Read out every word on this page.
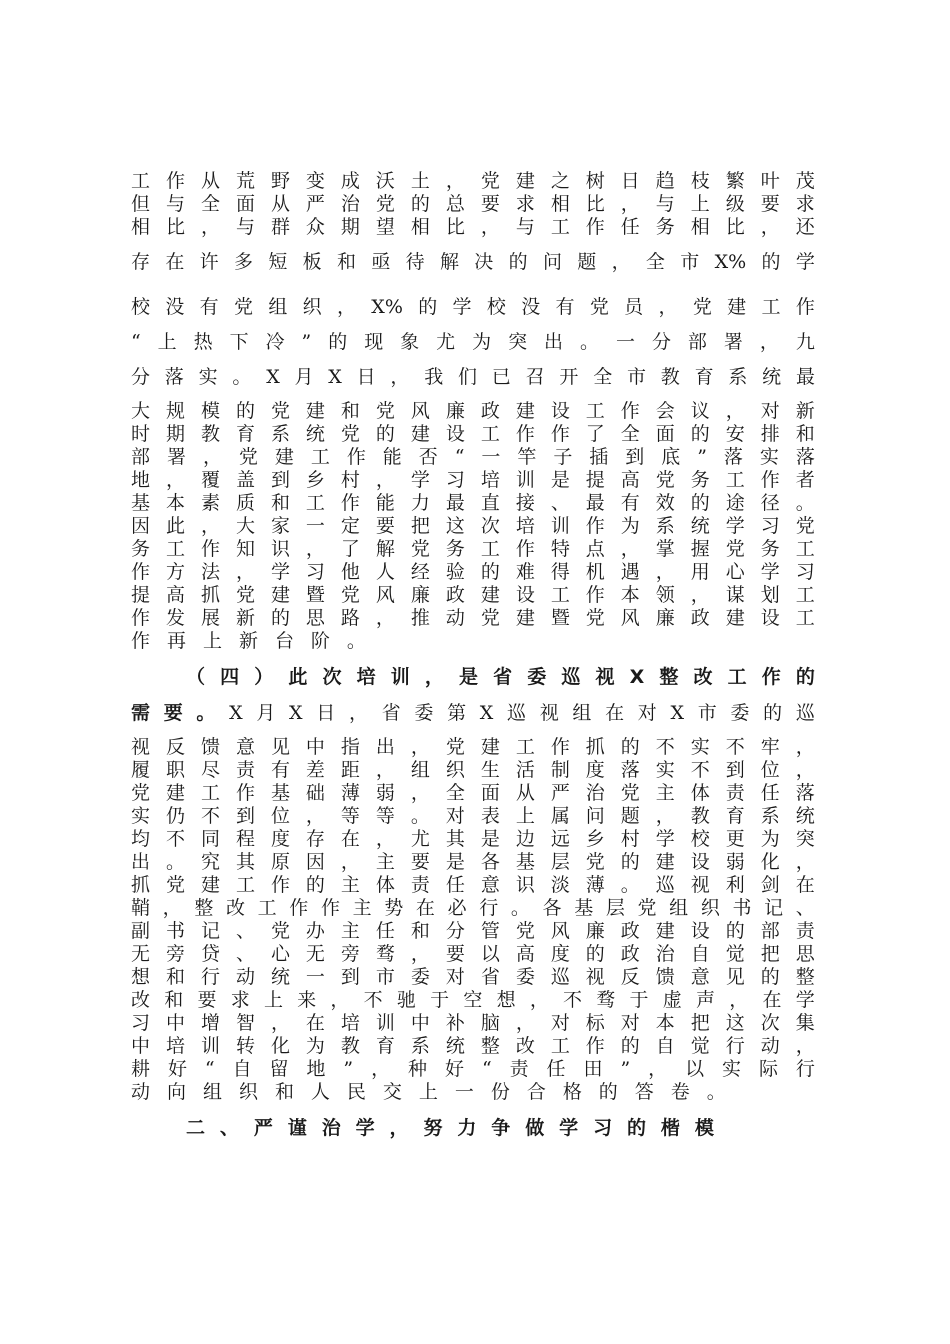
工 作 从 荒 野 变 成 沃 土 ， 党 建 之 树 日 趋 枝 繁 叶 茂
但 与 全 面 从 严 治 党 的 总 要 求 相 比 ， 与 上 级 要 求
相 比 ， 与 群 众 期 望 相 比 ， 与 工 作 任 务 相 比 ， 还
存 在 许 多 短 板 和 亟 待 解 决 的 问 题 ， 全 市 X% 的 学
校 没 有 党 组 织 ， X% 的 学 校 没 有 党 员 ， 党 建 工 作
“ 上 热 下 冷 ” 的 现 象 尤 为 突 出 。 一 分 部 署 ， 九
分 落 实 。 X 月 X 日 ， 我 们 已 召 开 全 市 教 育 系 统 最
大 规 模 的 党 建 和 党 风 廉 政 建 设 工 作 会 议 ， 对 新
时 期 教 育 系 统 党 的 建 设 工 作 作 了 全 面 的 安 排 和
部 署 ， 党 建 工 作 能 否 “ 一 竿 子 插 到 底 ” 落 实 落
地 ， 覆 盖 到 乡 村 ， 学 习 培 训 是 提 高 党 务 工 作 者
基 本 素 质 和 工 作 能 力 最 直 接 、 最 有 效 的 途 径 。
因 此 ， 大 家 一 定 要 把 这 次 培 训 作 为 系 统 学 习 党
务 工 作 知 识 ， 了 解 党 务 工 作 特 点 ， 掌 握 党 务 工
作 方 法 ， 学 习 他 人 经 验 的 难 得 机 遇 ， 用 心 学 习
提 高 抓 党 建 暨 党 风 廉 政 建 设 工 作 本 领 ， 谋 划 工
作 发 展 新 的 思 路 ， 推 动 党 建 暨 党 风 廉 政 建 设 工
作 再 上 新 台 阶 。
（ 四 ） 此 次 培 训 ， 是 省 委 巡 视 X 整 改 工 作 的
需 要 。 X 月 X 日 ， 省 委 第 X 巡 视 组 在 对 X 市 委 的 巡
视 反 馈 意 见 中 指 出 ， 党 建 工 作 抓 的 不 实 不 牢 ，
履 职 尽 责 有 差 距 ， 组 织 生 活 制 度 落 实 不 到 位 ，
党 建 工 作 基 础 薄 弱 ， 全 面 从 严 治 党 主 体 责 任 落
实 仍 不 到 位 ， 等 等 。 对 表 上 属 问 题 ， 教 育 系 统
均 不 同 程 度 存 在 ， 尤 其 是 边 远 乡 村 学 校 更 为 突
出 。 究 其 原 因 ， 主 要 是 各 基 层 党 的 建 设 弱 化 ，
抓 党 建 工 作 的 主 体 责 任 意 识 淡 薄 。 巡 视 利 剑 在
鞘 ， 整 改 工 作 作 主 势 在 必 行 。 各 基 层 党 组 织 书 记 、
副 书 记 、 党 办 主 任 和 分 管 党 风 廉 政 建 设 的 部 责
无 旁 贷 、 心 无 旁 骛 ， 要 以 高 度 的 政 治 自 觉 把 思
想 和 行 动 统 一 到 市 委 对 省 委 巡 视 反 馈 意 见 的 整
改 和 要 求 上 来 ， 不 驰 于 空 想 ， 不 骛 于 虚 声 ， 在 学
习 中 增 智 ， 在 培 训 中 补 脑 ， 对 标 对 本 把 这 次 集
中 培 训 转 化 为 教 育 系 统 整 改 工 作 的 自 觉 行 动 ，
耕 好 “ 自 留 地 ” ， 种 好 “ 责 任 田 ” ， 以 实 际 行
动 向 组 织 和 人 民 交 上 一 份 合 格 的 答 卷 。
二 、 严 谨 治 学 ， 努 力 争 做 学 习 的 楷 模
